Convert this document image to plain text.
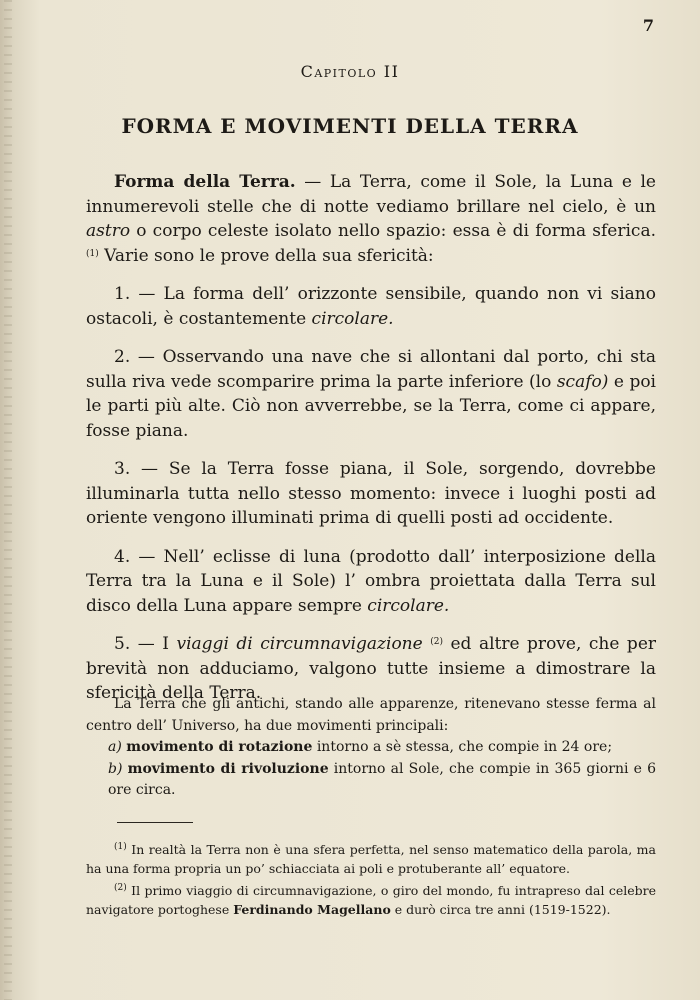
7
Capitolo II
FORMA E MOVIMENTI DELLA TERRA

Forma della Terra. — La Terra, come il Sole, la Luna e le innumerevoli stelle che di notte vediamo brillare nel cielo, è un astro o corpo celeste isolato nello spazio: essa è di forma sferica. $^{(1)}$ Varie sono le prove della sua sfericità:

1. — La forma dell’ orizzonte sensibile, quando non vi siano ostacoli, è costantemente circolare.

2. — Osservando una nave che si allontani dal porto, chi sta sulla riva vede scomparire prima la parte inferiore (lo scafo) e poi le parti più alte. Ciò non avverrebbe, se la Terra, come ci appare, fosse piana.

3. — Se la Terra fosse piana, il Sole, sorgendo, dovrebbe illuminarla tutta nello stesso momento: invece i luoghi posti ad oriente vengono illuminati prima di quelli posti ad occidente.

4. — Nell’ eclisse di luna (prodotto dall’ interposizione della Terra tra la Luna e il Sole) l’ ombra proiettata dalla Terra sul disco della Luna appare sempre circolare.

5. — I viaggi di circumnavigazione $^{(2)}$ ed altre prove, che per brevità non adduciamo, valgono tutte insieme a dimostrare la sfericità della Terra.

La Terra che gli antichi, stando alle apparenze, ritenevano stesse ferma al centro dell’ Universo, ha due movimenti principali:

a) movimento di rotazione intorno a sè stessa, che compie in 24 ore;

b) movimento di rivoluzione intorno al Sole, che compie in 365 giorni e 6 ore circa.

$^{(1)}$ In realtà la Terra non è una sfera perfetta, nel senso matematico della parola, ma ha una forma propria un po’ schiacciata ai poli e protuberante all’ equatore.

$^{(2)}$ Il primo viaggio di circumnavigazione, o giro del mondo, fu intrapreso dal celebre navigatore portoghese Ferdinando Magellano e durò circa tre anni (1519-1522).
